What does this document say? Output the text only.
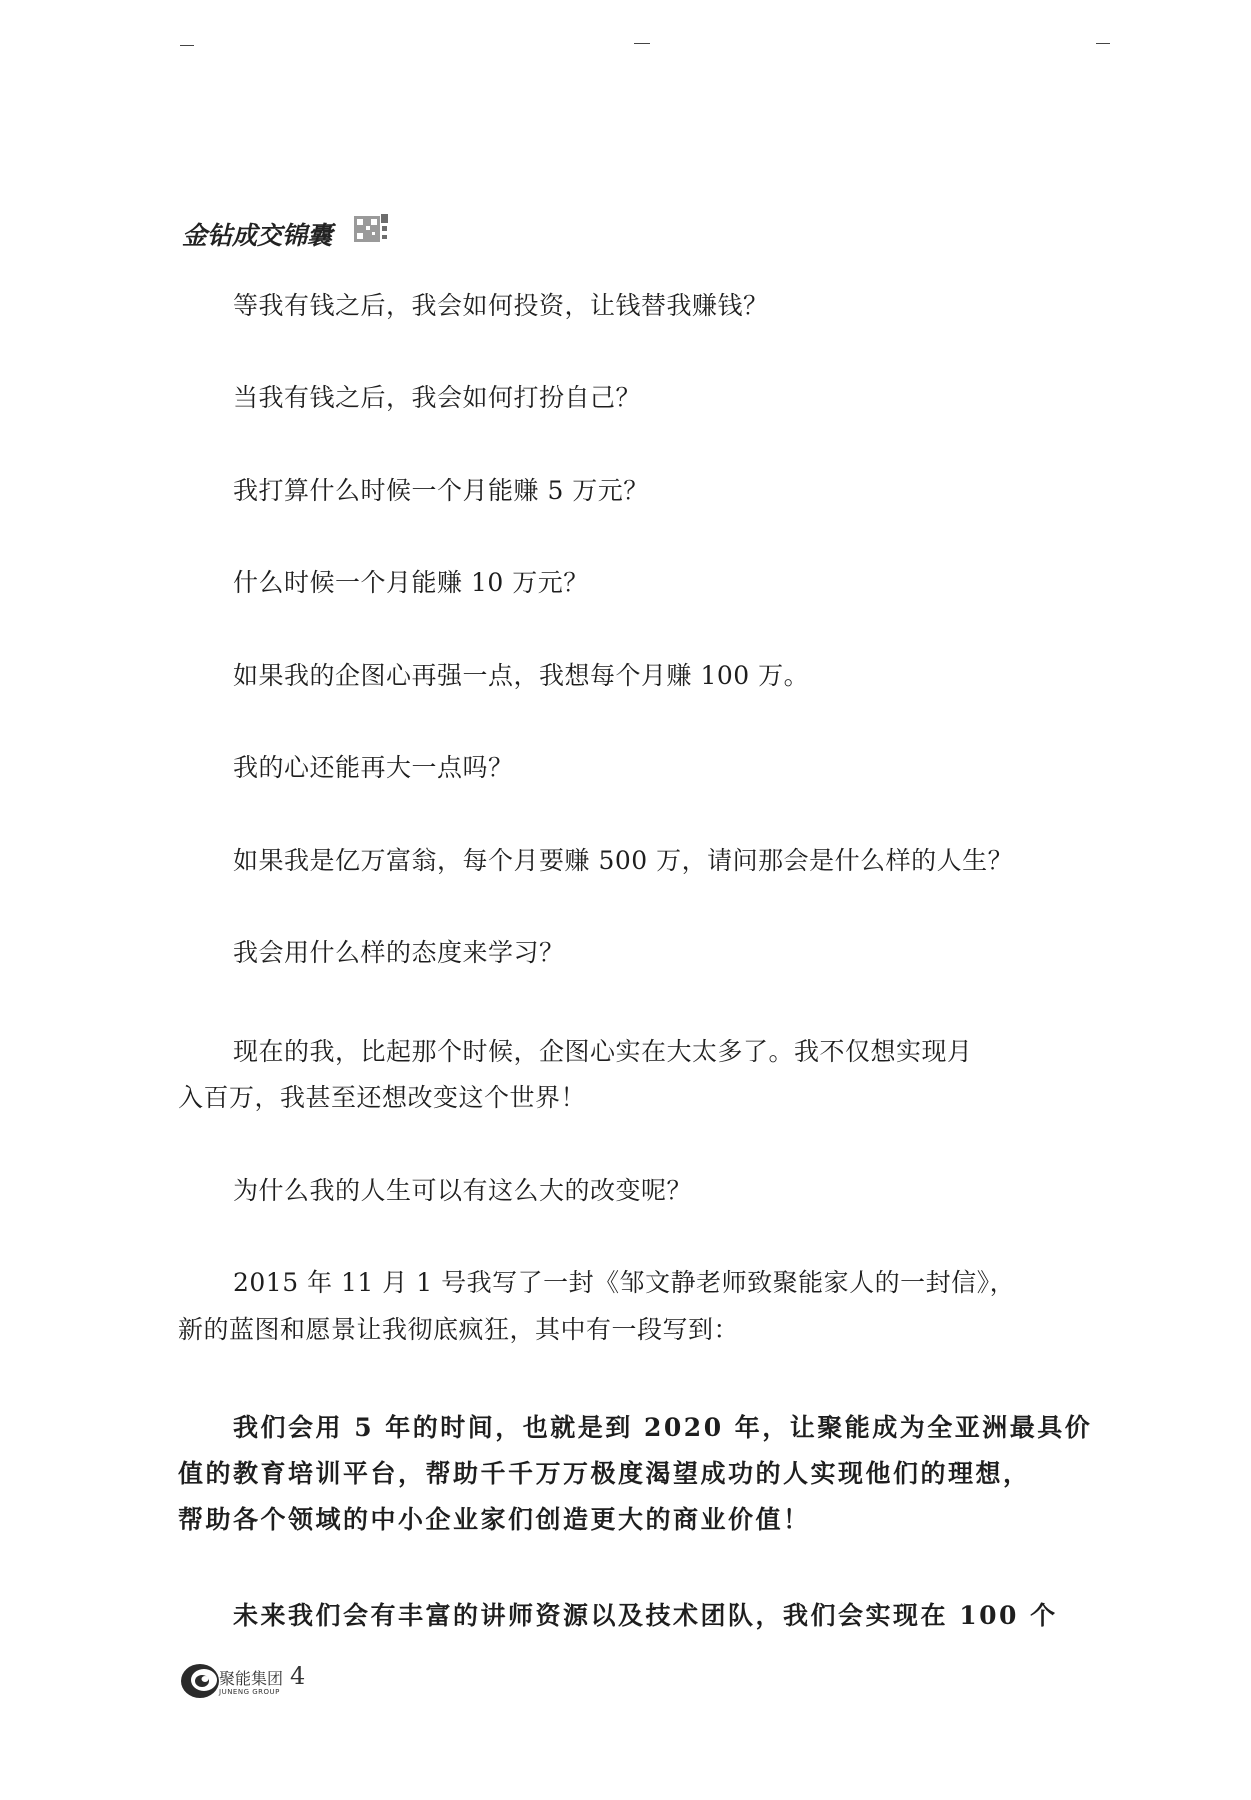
金钻成交锦囊
等我有钱之后，我会如何投资，让钱替我赚钱？
当我有钱之后，我会如何打扮自己？
我打算什么时候一个月能赚 5 万元？
什么时候一个月能赚 10 万元？
如果我的企图心再强一点，我想每个月赚 100 万。
我的心还能再大一点吗？
如果我是亿万富翁，每个月要赚 500 万，请问那会是什么样的人生？
我会用什么样的态度来学习？
现在的我，比起那个时候，企图心实在大太多了。我不仅想实现月
入百万，我甚至还想改变这个世界！
为什么我的人生可以有这么大的改变呢？
2015 年 11 月 1 号我写了一封《邹文静老师致聚能家人的一封信》，
新的蓝图和愿景让我彻底疯狂，其中有一段写到：
我们会用 5 年的时间，也就是到 2020 年，让聚能成为全亚洲最具价
值的教育培训平台，帮助千千万万极度渴望成功的人实现他们的理想，
帮助各个领域的中小企业家们创造更大的商业价值！
未来我们会有丰富的讲师资源以及技术团队，我们会实现在 100 个
聚能集团
JUNENG GROUP
4
